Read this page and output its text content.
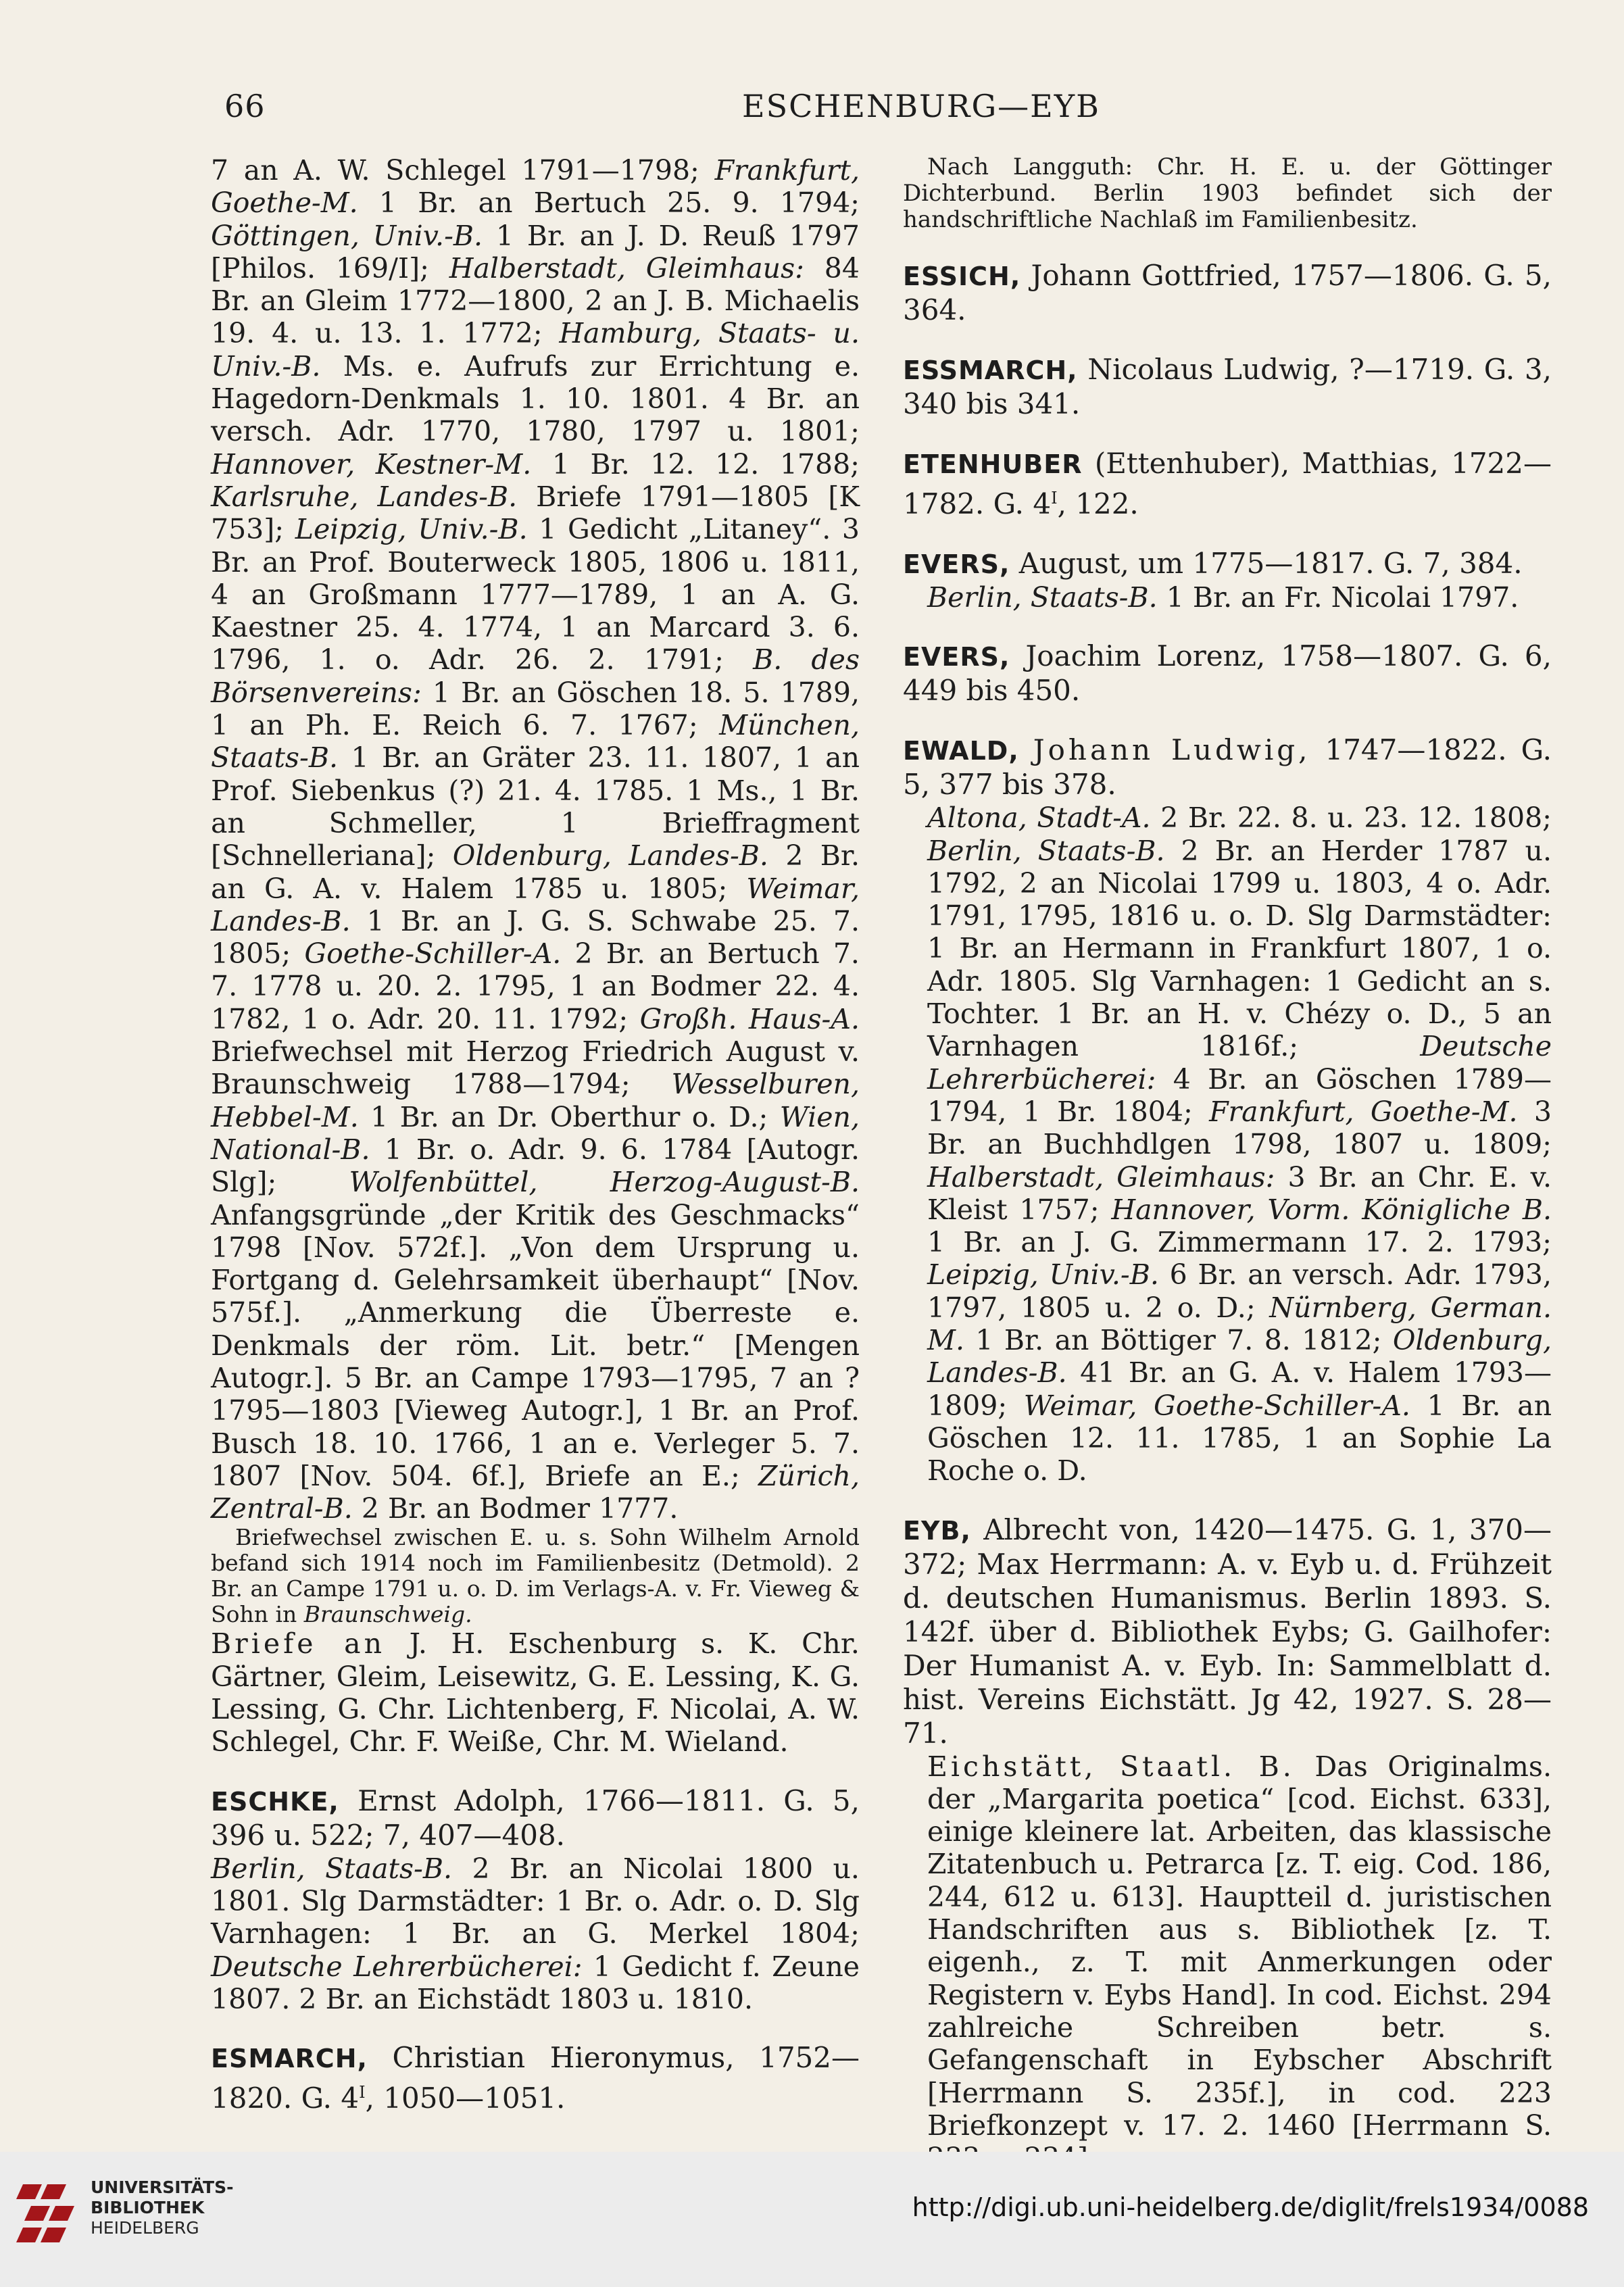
66	ESCHENBURG—EYB

7 an A. W. Schlegel 1791—1798; Frankfurt, Goethe-M. 1 Br. an Bertuch 25. 9. 1794; Göttingen, Univ.-B. 1 Br. an J. D. Reuß 1797 [Philos. 169/I]; Halberstadt, Gleimhaus: 84 Br. an Gleim 1772—1800, 2 an J. B. Michaelis 19. 4. u. 13. 1. 1772; Hamburg, Staats- u. Univ.-B. Ms. e. Aufrufs zur Errichtung e. Hagedorn-Denkmals 1. 10. 1801. 4 Br. an versch. Adr. 1770, 1780, 1797 u. 1801; Hannover, Kestner-M. 1 Br. 12. 12. 1788; Karlsruhe, Landes-B. Briefe 1791—1805 [K 753]; Leipzig, Univ.-B. 1 Gedicht „Litaney“. 3 Br. an Prof. Bouterweck 1805, 1806 u. 1811, 4 an Großmann 1777—1789, 1 an A. G. Kaestner 25. 4. 1774, 1 an Marcard 3. 6. 1796, 1. o. Adr. 26. 2. 1791; B. des Börsenvereins: 1 Br. an Göschen 18. 5. 1789, 1 an Ph. E. Reich 6. 7. 1767; München, Staats-B. 1 Br. an Gräter 23. 11. 1807, 1 an Prof. Siebenkus (?) 21. 4. 1785. 1 Ms., 1 Br. an Schmeller, 1 Brieffragment [Schnelleriana]; Oldenburg, Landes-B. 2 Br. an G. A. v. Halem 1785 u. 1805; Weimar, Landes-B. 1 Br. an J. G. S. Schwabe 25. 7. 1805; Goethe-Schiller-A. 2 Br. an Bertuch 7. 7. 1778 u. 20. 2. 1795, 1 an Bodmer 22. 4. 1782, 1 o. Adr. 20. 11. 1792; Großh. Haus-A. Briefwechsel mit Herzog Friedrich August v. Braunschweig 1788—1794; Wesselburen, Hebbel-M. 1 Br. an Dr. Oberthur o. D.; Wien, National-B. 1 Br. o. Adr. 9. 6. 1784 [Autogr. Slg];	Wolfenbüttel, Herzog-August-B. Anfangsgründe „der Kritik des Geschmacks“ 1798 [Nov. 572f.]. „Von dem Ursprung u. Fortgang d. Gelehrsamkeit überhaupt“ [Nov. 575f.]. „Anmerkung die Überreste e. Denkmals der röm. Lit. betr.“ [Mengen Autogr.]. 5 Br. an Campe 1793—1795, 7 an ? 1795—1803 [Vieweg Autogr.], 1 Br. an Prof. Busch 18. 10. 1766, 1 an e. Verleger 5. 7. 1807 [Nov. 504. 6f.], Briefe an E.; Zürich, Zentral-B. 2 Br. an Bodmer 1777.

Briefwechsel zwischen E. u. s. Sohn Wilhelm Arnold befand sich 1914 noch im Familienbesitz (Detmold). 2 Br. an Campe 1791 u. o. D. im Verlags-A. v. Fr. Vieweg & Sohn in Braunschweig.

Briefe an J. H. Eschenburg s. K. Chr. Gärtner, Gleim, Leisewitz, G. E. Lessing, K. G. Lessing, G. Chr. Lichtenberg, F. Nicolai, A. W. Schlegel, Chr. F. Weiße, Chr. M. Wieland.

ESCHKE, Ernst Adolph, 1766—1811. G. 5, 396 u. 522; 7, 407—408.

Berlin, Staats-B. 2 Br. an Nicolai 1800 u. 1801. Slg Darmstädter: 1 Br. o. Adr. o. D. Slg Varnhagen: 1 Br. an G. Merkel 1804; Deutsche Lehrerbücherei: 1 Gedicht f. Zeune 1807. 2 Br. an Eichstädt 1803 u. 1810.

ESMARCH, Christian Hieronymus, 1752—1820. G. $4^I$, 1050—1051.

Nach Langguth: Chr. H. E. u. der Göttinger Dichterbund. Berlin 1903 befindet sich der handschriftliche Nachlaß im Familienbesitz.

ESSICH, Johann Gottfried, 1757—1806. G. 5, 364.

ESSMARCH, Nicolaus Ludwig, ?—1719. G. 3, 340 bis 341.

ETENHUBER (Ettenhuber), Matthias, 1722—1782. G. $4^I$, 122.

EVERS, August, um 1775—1817. G. 7, 384.

Berlin, Staats-B. 1 Br. an Fr. Nicolai 1797.

EVERS, Joachim Lorenz, 1758—1807. G. 6, 449 bis 450.

EWALD, Johann Ludwig, 1747—1822. G. 5, 377 bis 378.

Altona, Stadt-A. 2 Br. 22. 8. u. 23. 12. 1808; Berlin, Staats-B. 2 Br. an Herder 1787 u. 1792, 2 an Nicolai 1799 u. 1803, 4 o. Adr. 1791, 1795, 1816 u. o. D. Slg Darmstädter: 1 Br. an Hermann in Frankfurt 1807, 1 o. Adr. 1805. Slg Varnhagen: 1 Gedicht an s. Tochter. 1 Br. an H. v. Chézy o. D., 5 an Varnhagen 1816f.;	Deutsche Lehrerbücherei: 4 Br. an Göschen 1789—1794, 1 Br. 1804; Frankfurt, Goethe-M. 3 Br. an Buchhdlgen 1798, 1807 u. 1809; Halberstadt, Gleimhaus: 3 Br. an Chr. E. v. Kleist 1757; Hannover, Vorm. Königliche B. 1 Br. an J. G. Zimmermann 17. 2. 1793; Leipzig, Univ.-B. 6 Br. an versch. Adr. 1793, 1797, 1805 u. 2 o. D.; Nürnberg, German. M. 1 Br. an Böttiger 7. 8. 1812; Oldenburg, Landes-B. 41 Br. an G. A. v. Halem 1793—1809; Weimar, Goethe-Schiller-A. 1 Br. an Göschen 12. 11. 1785, 1 an Sophie La Roche o. D.

EYB, Albrecht von, 1420—1475. G. 1, 370—372; Max Herrmann: A. v. Eyb u. d. Frühzeit d. deutschen Humanismus. Berlin 1893. S. 142f. über d. Bibliothek Eybs; G. Gailhofer: Der Humanist A. v. Eyb. In: Sammelblatt d. hist. Vereins Eichstätt. Jg 42, 1927. S. 28—71.

Eichstätt, Staatl. B. Das Originalms. der „Margarita poetica“ [cod. Eichst. 633], einige kleinere lat. Arbeiten, das klassische Zitatenbuch u. Petrarca [z. T. eig. Cod. 186, 244, 612 u. 613]. Hauptteil d. juristischen Handschriften aus s. Bibliothek [z. T. eigenh., z. T. mit Anmerkungen oder Registern v. Eybs Hand]. In cod. Eichst. 294 zahlreiche Schreiben betr. s. Gefangenschaft in Eybscher Abschrift [Herrmann S. 235f.], in cod. 223 Briefkonzept v. 17. 2. 1460 [Herrmann S.

UNIVERSITÄTS-
BIBLIOTHEK
HEIDELBERG
http://digi.ub.uni-heidelberg.de/diglit/frels1934/0088
